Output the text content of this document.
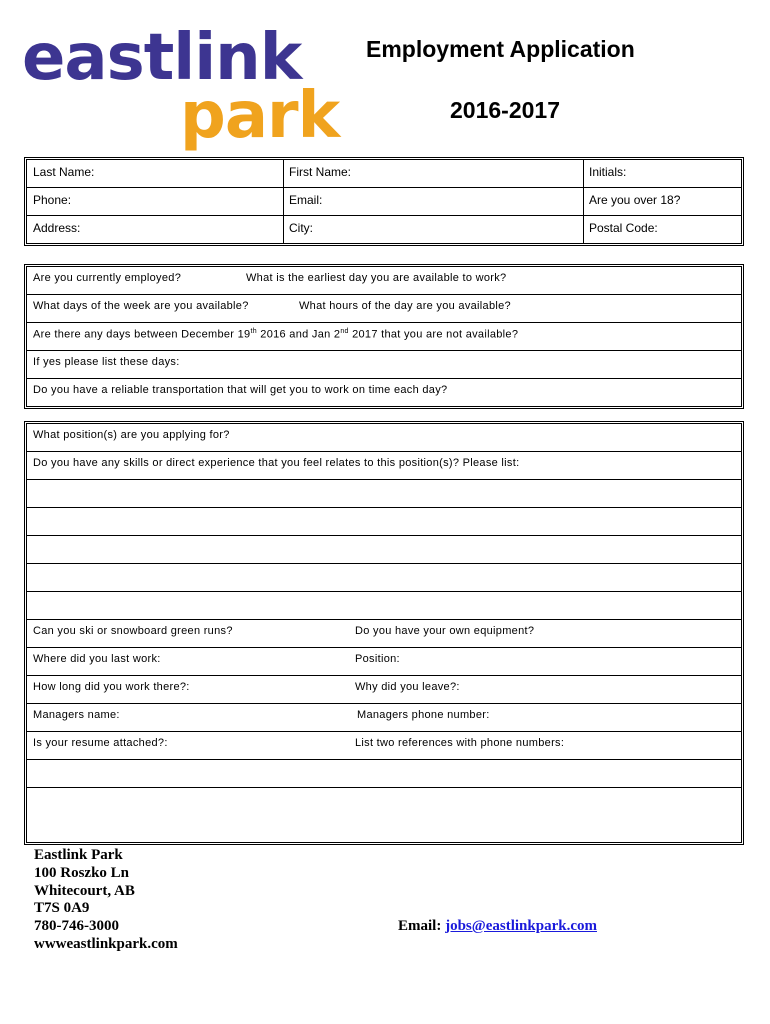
eastlink
park
Employment Application
2016-2017
Last Name:	First Name:	Initials:
Phone:	Email:	Are you over 18?
Address:	City:	Postal Code:
Are you currently employed?	What is the earliest day you are available to work?
What days of the week are you available?	What hours of the day are you available?
Are there any days between December 19th 2016 and Jan 2nd 2017 that you are not available?
If yes please list these days:
Do you have a reliable transportation that will get you to work on time each day?
What position(s) are you applying for?
Do you have any skills or direct experience that you feel relates to this position(s)? Please list:
Can you ski or snowboard green runs?	Do you have your own equipment?
Where did you last work:	Position:
How long did you work there?:	Why did you leave?:
Managers name:	Managers phone number:
Is your resume attached?:	List two references with phone numbers:
Eastlink Park
100 Roszko Ln
Whitecourt, AB
T7S 0A9
780-746-3000
wwweastlinkpark.com
Email: jobs@eastlinkpark.com
